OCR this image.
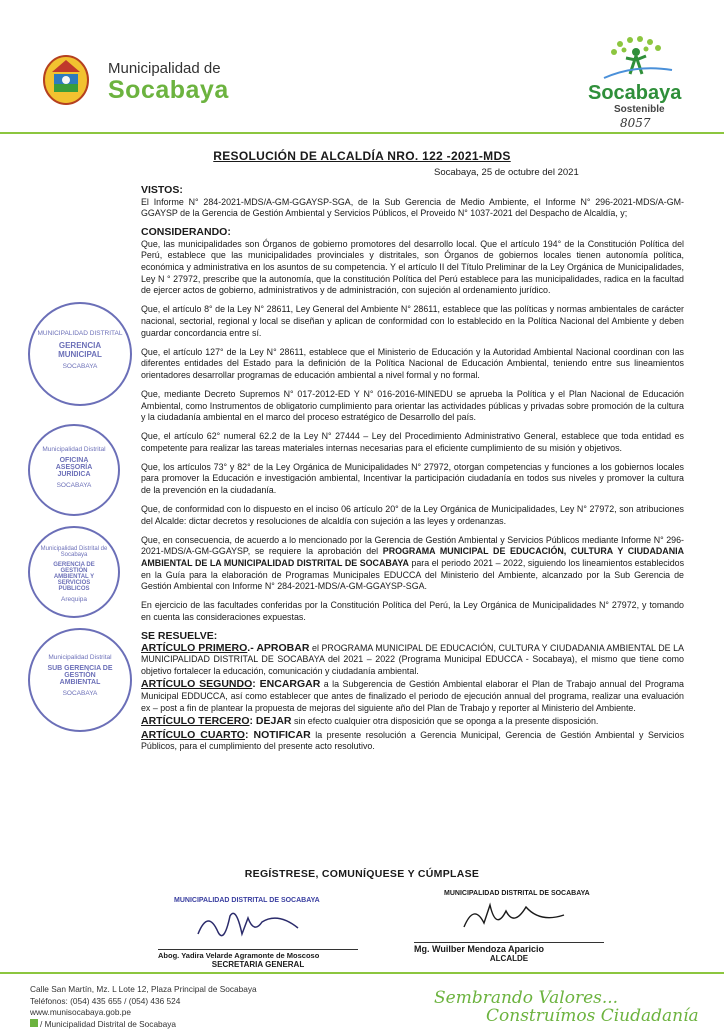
Municipalidad de
Socabaya	Socabaya
Sostenible
8057
RESOLUCIÓN DE ALCALDÍA NRO. 122 -2021-MDS
Socabaya, 25 de octubre del 2021
MUNICIPALIDAD DISTRITAL
GERENCIA MUNICIPAL
SOCABAYA
Municipalidad Distrital
OFICINA ASESORÍA JURÍDICA
SOCABAYA
Municipalidad Distrital de Socabaya
GERENCIA DE GESTIÓN AMBIENTAL Y SERVICIOS PÚBLICOS
Arequipa
Municipalidad Distrital
SUB GERENCIA DE GESTIÓN AMBIENTAL
SOCABAYA
VISTOS:

El Informe N° 284-2021-MDS/A-GM-GGAYSP-SGA, de la Sub Gerencia de Medio Ambiente, el Informe N° 296-2021-MDS/A-GM-GGAYSP de la Gerencia de Gestión Ambiental y Servicios Públicos, el Proveido N° 1037-2021 del Despacho de Alcaldía, y;

CONSIDERANDO:

Que, las municipalidades son Órganos de gobierno promotores del desarrollo local. Que el artículo 194° de la Constitución Política del Perú, establece que las municipalidades provinciales y distritales, son Órganos de gobiernos locales tienen autonomía política, económica y administrativa en los asuntos de su competencia. Y el artículo II del Título Preliminar de la Ley Orgánica de Municipalidades, Ley N ° 27972, prescribe que la autonomía, que la constitución Política del Perú establece para las municipalidades, radica en la facultad de ejercer actos de gobierno, administrativos y de administración, con sujeción al ordenamiento jurídico.

Que, el artículo 8° de la Ley N° 28611, Ley General del Ambiente N° 28611, establece que las políticas y normas ambientales de carácter nacional, sectorial, regional y local se diseñan y aplican de conformidad con lo establecido en la Política Nacional del Ambiente y deben guardar concordancia entre sí.

Que, el artículo 127° de la Ley N° 28611, establece que el Ministerio de Educación y la Autoridad Ambiental Nacional coordinan con las diferentes entidades del Estado para la definición de la Política Nacional de Educación Ambiental, teniendo entre sus lineamientos orientadores desarrollar programas de educación ambiental a nivel formal y no formal.

Que, mediante Decreto Supremos N° 017-2012-ED Y N° 016-2016-MINEDU se aprueba la Política y el Plan Nacional de Educación Ambiental, como Instrumentos de obligatorio cumplimiento para orientar las actividades públicas y privadas sobre promoción de la cultura y la ciudadanía ambiental en el marco del proceso estratégico de Desarrollo del país.

Que, el artículo 62° numeral 62.2 de la Ley N° 27444 – Ley del Procedimiento Administrativo General, establece que toda entidad es competente para realizar las tareas materiales internas necesarias para el eficiente cumplimiento de su misión y objetivos.

Que, los artículos 73° y 82° de la Ley Orgánica de Municipalidades N° 27972, otorgan competencias y funciones a los gobiernos locales para promover la Educación e investigación ambiental, Incentivar la participación ciudadanía en todos sus niveles y promover la cultura de la prevención en la ciudadanía.

Que, de conformidad con lo dispuesto en el inciso 06 artículo 20° de la Ley Orgánica de Municipalidades, Ley N° 27972, son atribuciones del Alcalde: dictar decretos y resoluciones de alcaldía con sujeción a las leyes y ordenanzas.

Que, en consecuencia, de acuerdo a lo mencionado por la Gerencia de Gestión Ambiental y Servicios Públicos mediante Informe N° 296-2021-MDS/A-GM-GGAYSP, se requiere la aprobación del PROGRAMA MUNICIPAL DE EDUCACIÓN, CULTURA Y CIUDADANIA AMBIENTAL DE LA MUNICIPALIDAD DISTRITAL DE SOCABAYA para el periodo 2021 – 2022, siguiendo los lineamientos establecidos en la Guía para la elaboración de Programas Municipales EDUCCA del Ministerio del Ambiente, alcanzado por la Sub Gerencia de Gestión Ambiental con Informe N° 284-2021-MDS/A-GM-GGAYSP-SGA.

En ejercicio de las facultades conferidas por la Constitución Política del Perú, la Ley Orgánica de Municipalidades N° 27972, y tomando en cuenta las consideraciones expuestas.

SE RESUELVE:

ARTÍCULO PRIMERO.- APROBAR el PROGRAMA MUNICIPAL DE EDUCACIÓN, CULTURA Y CIUDADANIA AMBIENTAL DE LA MUNICIPALIDAD DISTRITAL DE SOCABAYA del 2021 – 2022 (Programa Municipal EDUCCA - Socabaya), el mismo que tiene como objetivo fortalecer la educación, comunicación y ciudadanía ambiental.

ARTÍCULO SEGUNDO: ENCARGAR a la Subgerencia de Gestión Ambiental elaborar el Plan de Trabajo annual del Programa Municipal EDDUCCA, así como establecer que antes de finalizado el periodo de ejecución annual del programa, realizar una evaluación ex – post a fin de plantear la propuesta de mejoras del siguiente año del Plan de Trabajo y reporter al Ministerio del Ambiente.

ARTÍCULO TERCERO: DEJAR sin efecto cualquier otra disposición que se oponga a la presente disposición.

ARTÍCULO CUARTO: NOTIFICAR la presente resolución a Gerencia Municipal, Gerencia de Gestión Ambiental y Servicios Públicos, para el cumplimiento del presente acto resolutivo.

REGÍSTRESE, COMUNÍQUESE Y CÚMPLASE
MUNICIPALIDAD DISTRITAL DE SOCABAYA
Abog. Yadira Velarde Agramonte de Moscoso
SECRETARIA GENERAL
MUNICIPALIDAD DISTRITAL DE SOCABAYA
Mg. Wuilber Mendoza Aparicio
ALCALDE
Calle San Martín, Mz. L Lote 12, Plaza Principal de Socabaya
Teléfonos: (054) 435 655 / (054) 436 524
www.munisocabaya.gob.pe
/ Municipalidad Distrital de Socabaya
Sembrando Valores...
Construímos Ciudadanía
